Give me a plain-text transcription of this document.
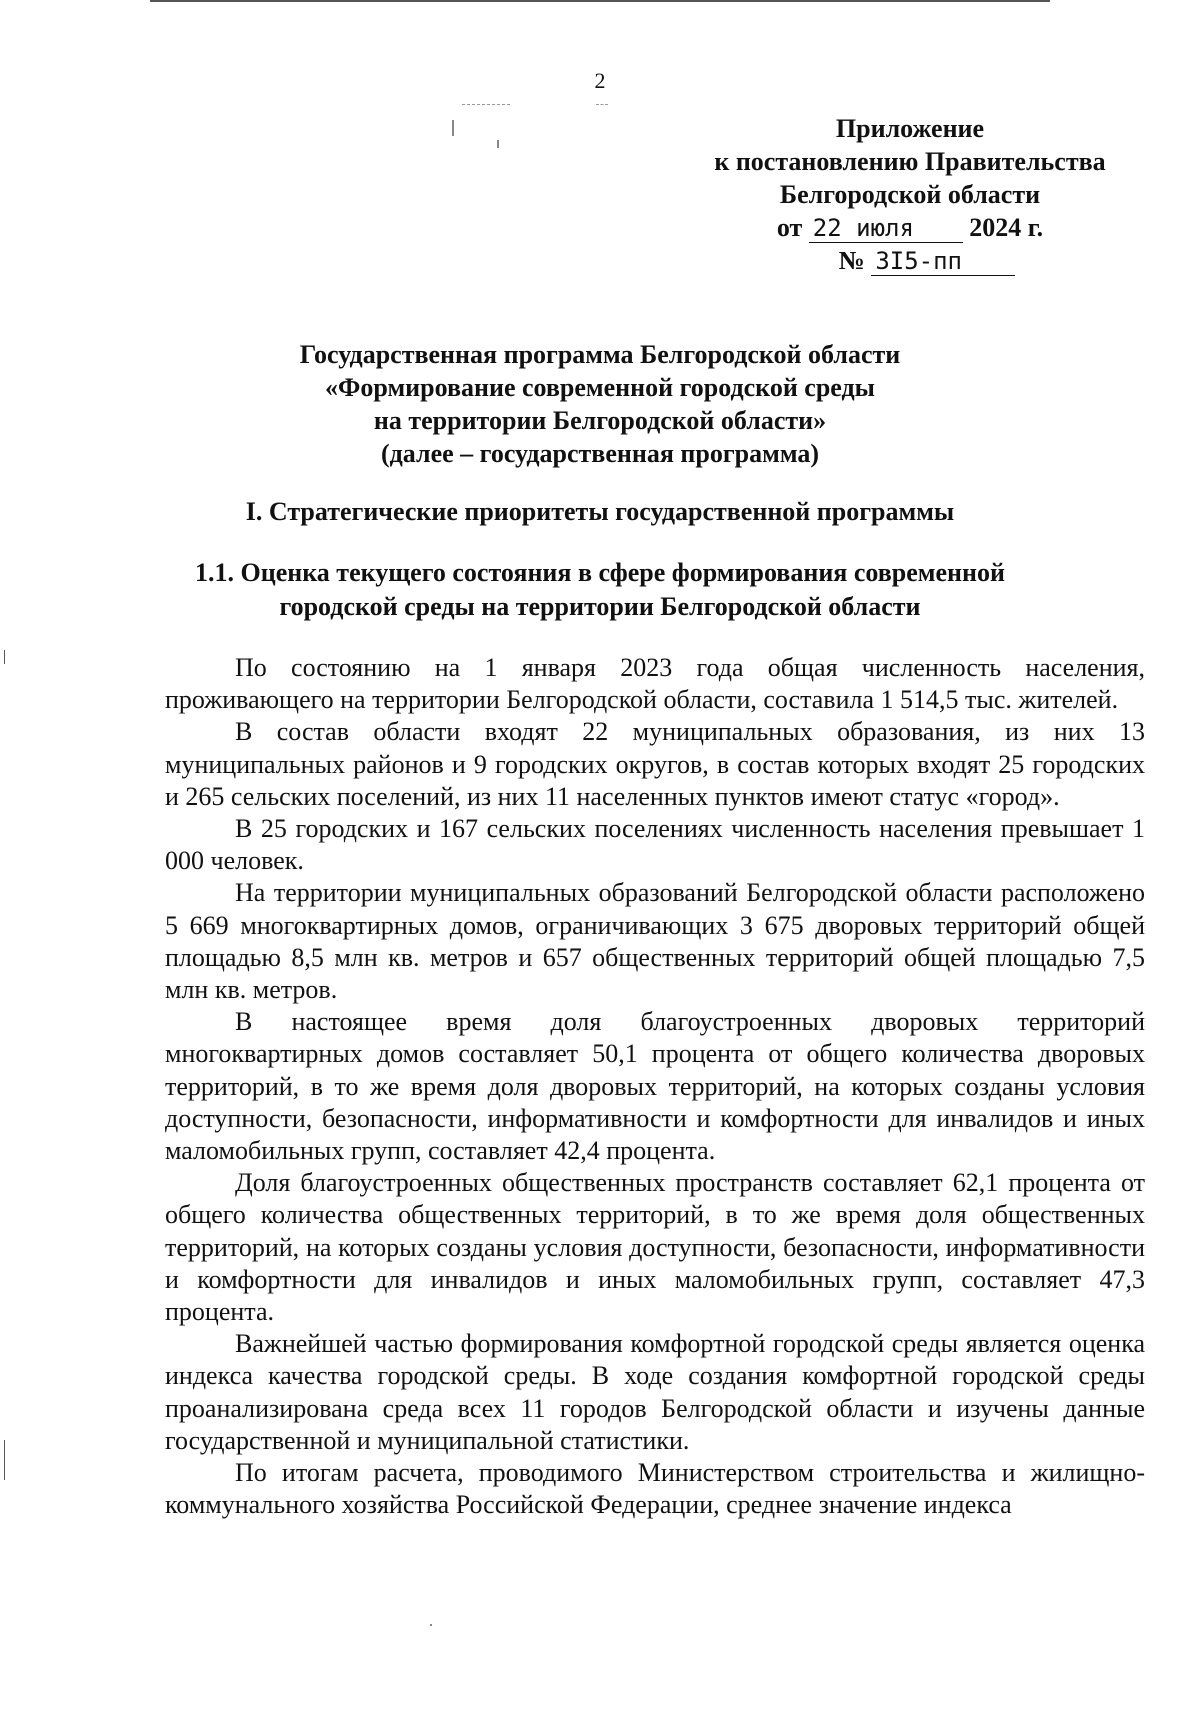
2
Приложение
к постановлению Правительства
Белгородской области
от 22 июля 2024 г.
№ 3I5-пп
Государственная программа Белгородской области
«Формирование современной городской среды
на территории Белгородской области»
(далее – государственная программа)
I. Стратегические приоритеты государственной программы
1.1. Оценка текущего состояния в сфере формирования современной
городской среды на территории Белгородской области

По состоянию на 1 января 2023 года общая численность населения, проживающего на территории Белгородской области, составила 1 514,5 тыс. жителей.

В состав области входят 22 муниципальных образования, из них 13 муниципальных районов и 9 городских округов, в состав которых входят 25 городских и 265 сельских поселений, из них 11 населенных пунктов имеют статус «город».

В 25 городских и 167 сельских поселениях численность населения превышает 1 000 человек.

На территории муниципальных образований Белгородской области расположено 5 669 многоквартирных домов, ограничивающих 3 675 дворовых территорий общей площадью 8,5 млн кв. метров и 657 общественных территорий общей площадью 7,5 млн кв. метров.

В настоящее время доля благоустроенных дворовых территорий многоквартирных домов составляет 50,1 процента от общего количества дворовых территорий, в то же время доля дворовых территорий, на которых созданы условия доступности, безопасности, информативности и комфортности для инвалидов и иных маломобильных групп, составляет 42,4 процента.

Доля благоустроенных общественных пространств составляет 62,1 процента от общего количества общественных территорий, в то же время доля общественных территорий, на которых созданы условия доступности, безопасности, информативности и комфортности для инвалидов и иных маломобильных групп, составляет 47,3 процента.

Важнейшей частью формирования комфортной городской среды является оценка индекса качества городской среды. В ходе создания комфортной городской среды проанализирована среда всех 11 городов Белгородской области и изучены данные государственной и муниципальной статистики.

По итогам расчета, проводимого Министерством строительства и жилищно-коммунального хозяйства Российской Федерации, среднее значение индекса
